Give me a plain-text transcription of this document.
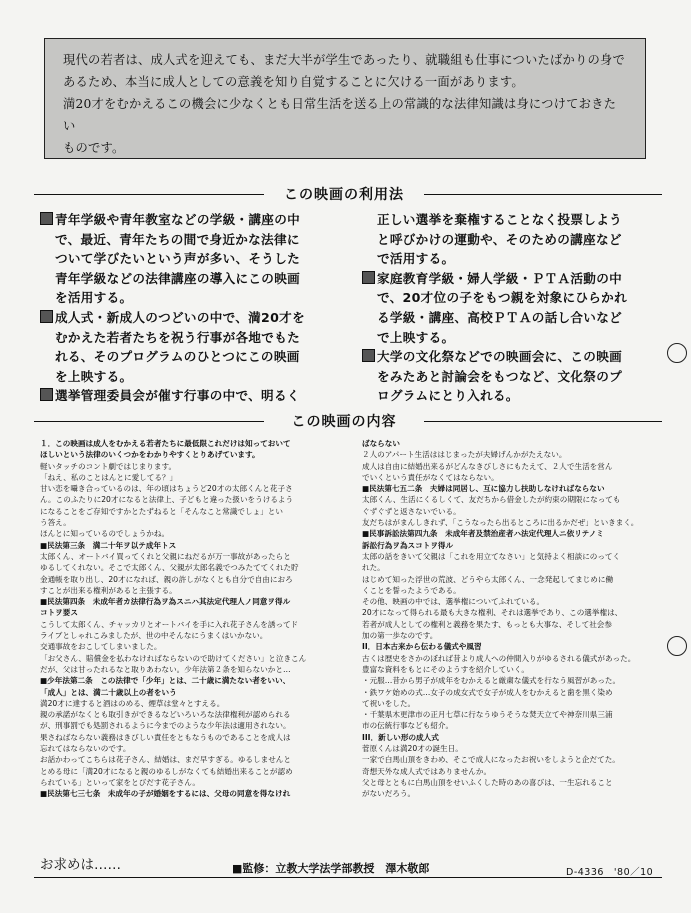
現代の若者は、成人式を迎えても、まだ大半が学生であったり、就職組も仕事についたばかりの身で

あるため、本当に成人としての意義を知り自覚することに欠ける一面があります。

満20才をむかえるこの機会に少なくとも日常生活を送る上の常識的な法律知識は身につけておきたい

ものです。

この映画の利用法

青年学級や青年教室などの学級・講座の中

で、最近、青年たちの間で身近かな法律に

ついて学びたいという声が多い、そうした

青年学級などの法律講座の導入にこの映画

を活用する。

成人式・新成人のつどいの中で、満20才を

むかえた若者たちを祝う行事が各地でもた

れる、そのプログラムのひとつにこの映画

を上映する。

選挙管理委員会が催す行事の中で、明るく

正しい選挙を棄権することなく投票しよう

と呼びかけの運動や、そのための講座など

で活用する。

家庭教育学級・婦人学級・ＰＴＡ活動の中

で、20才位の子をもつ親を対象にひらかれ

る学級・講座、高校ＰＴＡの話し合いなど

で上映する。

大学の文化祭などでの映画会に、この映画

をみたあと討論会をもつなど、文化祭のプ

ログラムにとり入れる。

この映画の内容

１．この映画は成人をむかえる若者たちに最低限これだけは知っておいて

ほしいという法律のいくつかをわかりやすくとりあげています。

軽いタッチのコント劇ではじまります。

「ねえ、私のことはんとに愛してる？」

甘い恋を囁き合っているのは、年の頃はちょうど20才の太郎くんと花子さ

ん。このふたりに20才になると法律上、子どもと違った扱いをうけるよう

になることをご存知ですかとたずねると「そんなこと常識でしょ」とい

う答え。

ほんとに知っているのでしょうかね。

■民法第三条　満二十年ヲ以テ成年トス

太郎くん、オートバイ買ってくれと父親にねだるが万一事故があったらと

ゆるしてくれない。そこで太郎くん、父親が太郎名義でつみたててくれた貯

金通帳を取り出し、20才になれば、親の許しがなくとも自分で自由におろ

すことが出来る権利があると主張する。

■民法第四条　未成年者カ法律行為ヲ為スニハ其法定代理人ノ同意ヲ得ル

コトヲ要ス

こうして太郎くん、チャッカリとオートバイを手に入れ花子さんを誘ってド

ライブとしゃれこみましたが、世の中そんなにうまくはいかない。

交通事故をおこしてしまいました。

「お父さん、賠償金を払わなければならないので助けてください」と泣きこん

だが、父は甘ったれるなと取りあわない。少年法第２条を知らないかと…

■少年法第二条　この法律で「少年」とは、二十歳に満たない者をいい、

「成人」とは、満二十歳以上の者をいう

満20才に達すると酒はのめる、煙草は堂々とすえる。

親の承諾がなくとも取引きができるなどいろいろな法律権利が認められる

が、刑事罰でも処罰されるように今までのような少年法は適用されない。

果さねばならない義務はきびしい責任をともなうものであることを成人は

忘れてはならないのです。

お話かわってこちらは花子さん、結婚は、まだ早すぎる。ゆるしませんと

とめる母に「満20才になると親のゆるしがなくても結婚出来ることが認め

られている」といって家をとびだす花子さん。

■民法第七三七条　未成年の子が婚姻をするには、父母の同意を得なけれ

ばならない

２人のアパート生活ははじまったが夫婦げんかがたえない。

成人は自由に結婚出来るがどんなきびしさにもたえて、２人で生活を営ん

でいくという責任がなくてはならない。

■民法第七五二条　夫婦は同居し、互に協力し扶助しなければならない

太郎くん、生活にくるしくて、友だちから借金したが約束の期限になっても

ぐずぐずと返さないでいる。

友だちはがまんしきれず、「こうなったら出るところに出るかだぜ」といきまく。

■民事訴訟法第四九条　未成年者及禁治産者ハ法定代理人ニ依リテノミ

訴訟行為ヲ為スコトヲ得ル

太郎の話をきいて父親は「これを用立てなさい」と気持よく相談にのってく

れた。

はじめて知った浮世の荒波、どうやら太郎くん、一念発起してまじめに働

くことを誓ったようである。

その他、映画の中では、選挙権についてふれている。

20才になって得られる最も大きな権利、それは選挙であり、この選挙権は、

若者が成人としての権利と義務を果たす、もっとも大事な、そして社会参

加の第一歩なのです。

II．日本古来から伝わる儀式や風習

古くは歴史をさかのぼれば昔より成人への仲間入りがゆるされる儀式があった。

豊富な資料をもとにそのようすを紹介していく。

・元服…昔から男子が成年をむかえると厳粛な儀式を行なう風習があった。

・鉄ワケ始めの式…女子の成女式で女子が成人をむかえると歯を黒く染め

て祝いをした。

・千葉県木更津市の正月七草に行なうゆうそうな焚天立てや神奈川県三浦

市の伝統行事なども紹介。

III．新しい形の成人式

菅原くんは満20才の誕生日。

一家で白馬山頂をきわめ、そこで成人になったお祝いをしようと企だてた。

奇想天外な成人式ではありませんか。

父と母とともに白馬山頂をせいふくした時のあの喜びは、一生忘れること

がないだろう。

■監修：立教大学法学部教授　澤木敬郎
お求めは……	D-4336　'80／10
